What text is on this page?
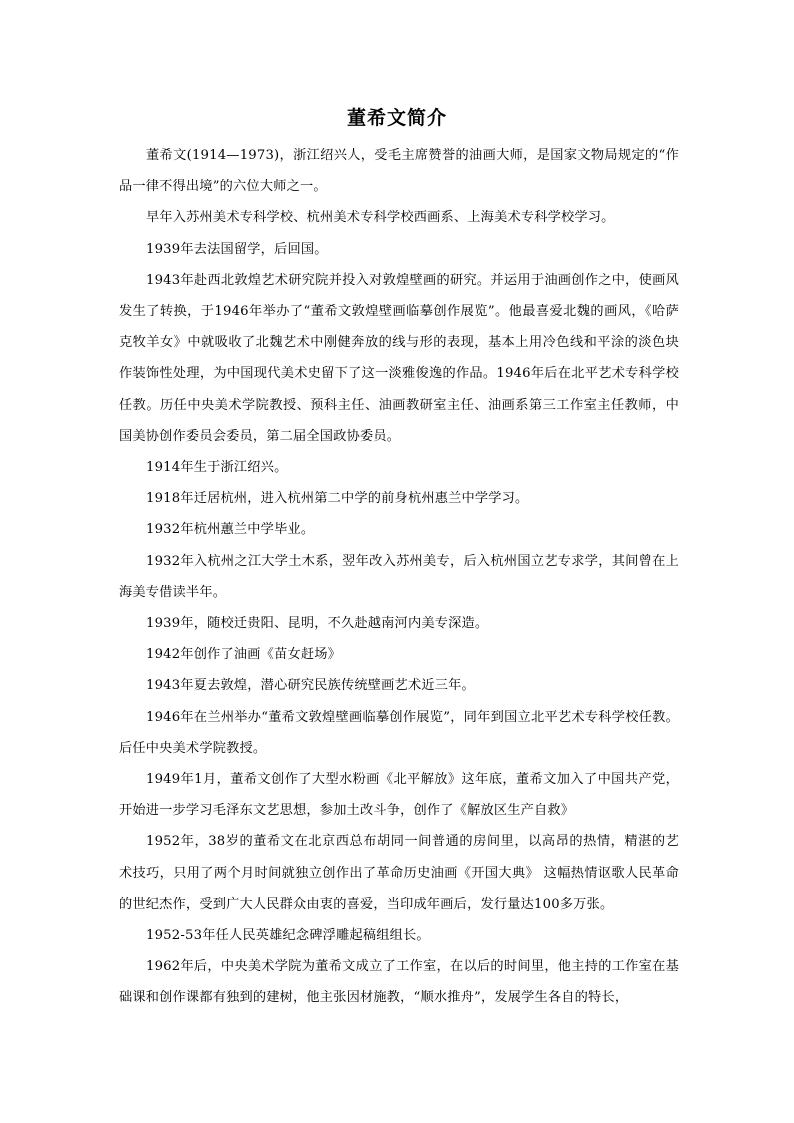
董希文简介

董希文(1914—1973)，浙江绍兴人，受毛主席赞誉的油画大师，是国家文物局规定的“作品一律不得出境”的六位大师之一。

早年入苏州美术专科学校、杭州美术专科学校西画系、上海美术专科学校学习。

1939年去法国留学，后回国。

1943年赴西北敦煌艺术研究院并投入对敦煌壁画的研究。并运用于油画创作之中，使画风发生了转换，于1946年举办了“董希文敦煌壁画临摹创作展览”。他最喜爱北魏的画风，《哈萨克牧羊女》中就吸收了北魏艺术中刚健奔放的线与形的表现，基本上用冷色线和平涂的淡色块作装饰性处理，为中国现代美术史留下了这一淡雅俊逸的作品。1946年后在北平艺术专科学校任教。历任中央美术学院教授、预科主任、油画教研室主任、油画系第三工作室主任教师，中国美协创作委员会委员，第二届全国政协委员。

1914年生于浙江绍兴。

1918年迁居杭州，进入杭州第二中学的前身杭州惠兰中学学习。

1932年杭州蕙兰中学毕业。

1932年入杭州之江大学土木系，翌年改入苏州美专，后入杭州国立艺专求学，其间曾在上海美专借读半年。

1939年，随校迁贵阳、昆明，不久赴越南河内美专深造。

1942年创作了油画《苗女赶场》

1943年夏去敦煌，潜心研究民族传统壁画艺术近三年。

1946年在兰州举办“董希文敦煌壁画临摹创作展览”，同年到国立北平艺术专科学校任教。后任中央美术学院教授。

1949年1月，董希文创作了大型水粉画《北平解放》这年底，董希文加入了中国共产党，开始进一步学习毛泽东文艺思想，参加土改斗争，创作了《解放区生产自救》

1952年，38岁的董希文在北京西总布胡同一间普通的房间里，以高昂的热情，精湛的艺术技巧，只用了两个月时间就独立创作出了革命历史油画《开国大典》 这幅热情讴歌人民革命的世纪杰作，受到广大人民群众由衷的喜爱，当印成年画后，发行量达100多万张。

1952-53年任人民英雄纪念碑浮雕起稿组组长。

1962年后，中央美术学院为董希文成立了工作室，在以后的时间里，他主持的工作室在基础课和创作课都有独到的建树，他主张因材施教，“顺水推舟”，发展学生各自的特长，
